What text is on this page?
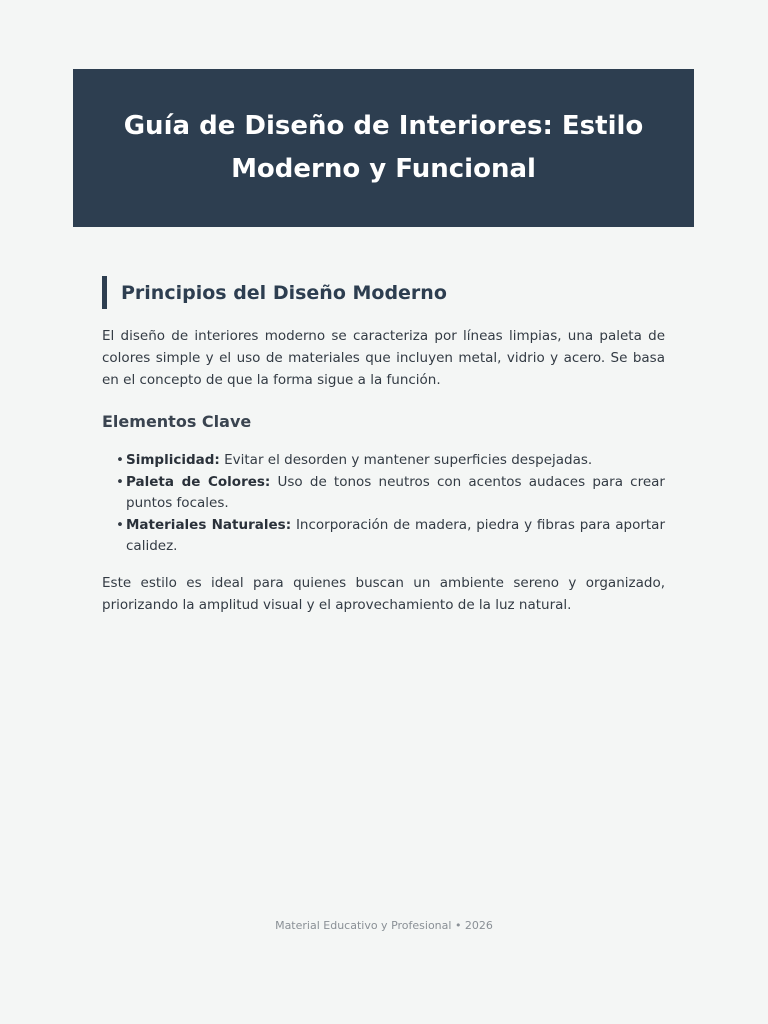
Guía de Diseño de Interiores: Estilo Moderno y Funcional
Principios del Diseño Moderno

El diseño de interiores moderno se caracteriza por líneas limpias, una paleta de colores simple y el uso de materiales que incluyen metal, vidrio y acero. Se basa en el concepto de que la forma sigue a la función.

Elementos Clave
• Simplicidad: Evitar el desorden y mantener superficies despejadas.
• Paleta de Colores: Uso de tonos neutros con acentos audaces para crear puntos focales.
• Materiales Naturales: Incorporación de madera, piedra y fibras para aportar calidez.

Este estilo es ideal para quienes buscan un ambiente sereno y organizado, priorizando la amplitud visual y el aprovechamiento de la luz natural.

Material Educativo y Profesional • 2026
